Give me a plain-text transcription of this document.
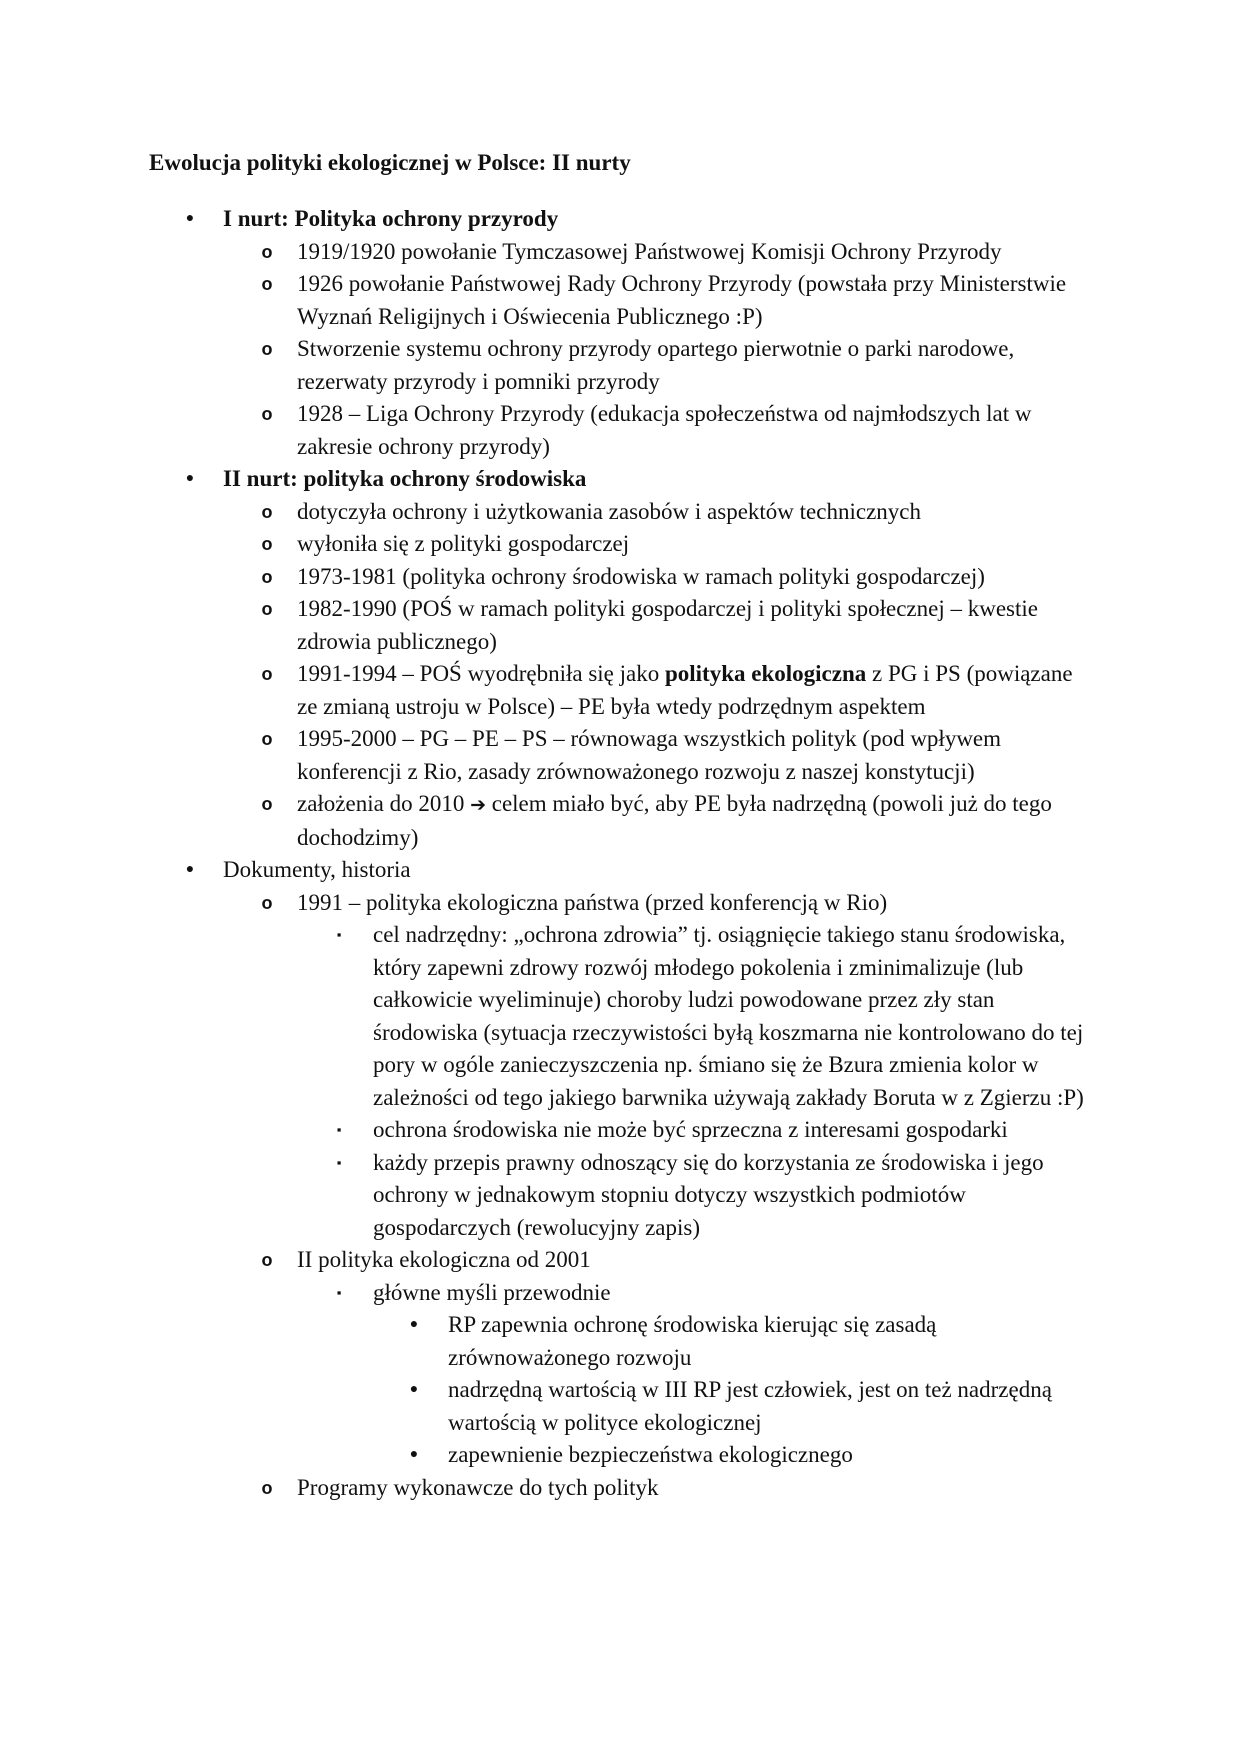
Ewolucja polityki ekologicznej w Polsce: II nurty
● I nurt: Polityka ochrony przyrody
o 1919/1920 powołanie Tymczasowej Państwowej Komisji Ochrony Przyrody
o 1926 powołanie Państwowej Rady Ochrony Przyrody (powstała przy Ministerstwie Wyznań Religijnych i Oświecenia Publicznego :P)
o Stworzenie systemu ochrony przyrody opartego pierwotnie o parki narodowe, rezerwaty przyrody i pomniki przyrody
o 1928 – Liga Ochrony Przyrody (edukacja społeczeństwa od najmłodszych lat w zakresie ochrony przyrody)
● II nurt: polityka ochrony środowiska
o dotyczyła ochrony i użytkowania zasobów i aspektów technicznych
o wyłoniła się z polityki gospodarczej
o 1973-1981 (polityka ochrony środowiska w ramach polityki gospodarczej)
o 1982-1990 (POŚ w ramach polityki gospodarczej i polityki społecznej – kwestie zdrowia publicznego)
o 1991-1994 – POŚ wyodrębniła się jako polityka ekologiczna z PG i PS (powiązane ze zmianą ustroju w Polsce) – PE była wtedy podrzędnym aspektem
o 1995-2000 – PG – PE – PS – równowaga wszystkich polityk (pod wpływem konferencji z Rio, zasady zrównoważonego rozwoju z naszej konstytucji)
o założenia do 2010 ➔ celem miało być, aby PE była nadrzędną (powoli już do tego dochodzimy)
● Dokumenty, historia
o 1991 – polityka ekologiczna państwa (przed konferencją w Rio)
▪	cel nadrzędny: „ochrona zdrowia” tj. osiągnięcie takiego stanu środowiska, który zapewni zdrowy rozwój młodego pokolenia i zminimalizuje (lub całkowicie wyeliminuje) choroby ludzi powodowane przez zły stan środowiska (sytuacja rzeczywistości byłą koszmarna nie kontrolowano do tej pory w ogóle zanieczyszczenia np. śmiano się że Bzura zmienia kolor w zależności od tego jakiego barwnika używają zakłady Boruta w z Zgierzu :P)
▪	ochrona środowiska nie może być sprzeczna z interesami gospodarki
▪	każdy przepis prawny odnoszący się do korzystania ze środowiska i jego ochrony w jednakowym stopniu dotyczy wszystkich podmiotów gospodarczych (rewolucyjny zapis)
o II polityka ekologiczna od 2001
▪	główne myśli przewodnie
● RP zapewnia ochronę środowiska kierując się zasadą zrównoważonego rozwoju
● nadrzędną wartością w III RP jest człowiek, jest on też nadrzędną wartością w polityce ekologicznej
● zapewnienie bezpieczeństwa ekologicznego
o Programy wykonawcze do tych polityk
